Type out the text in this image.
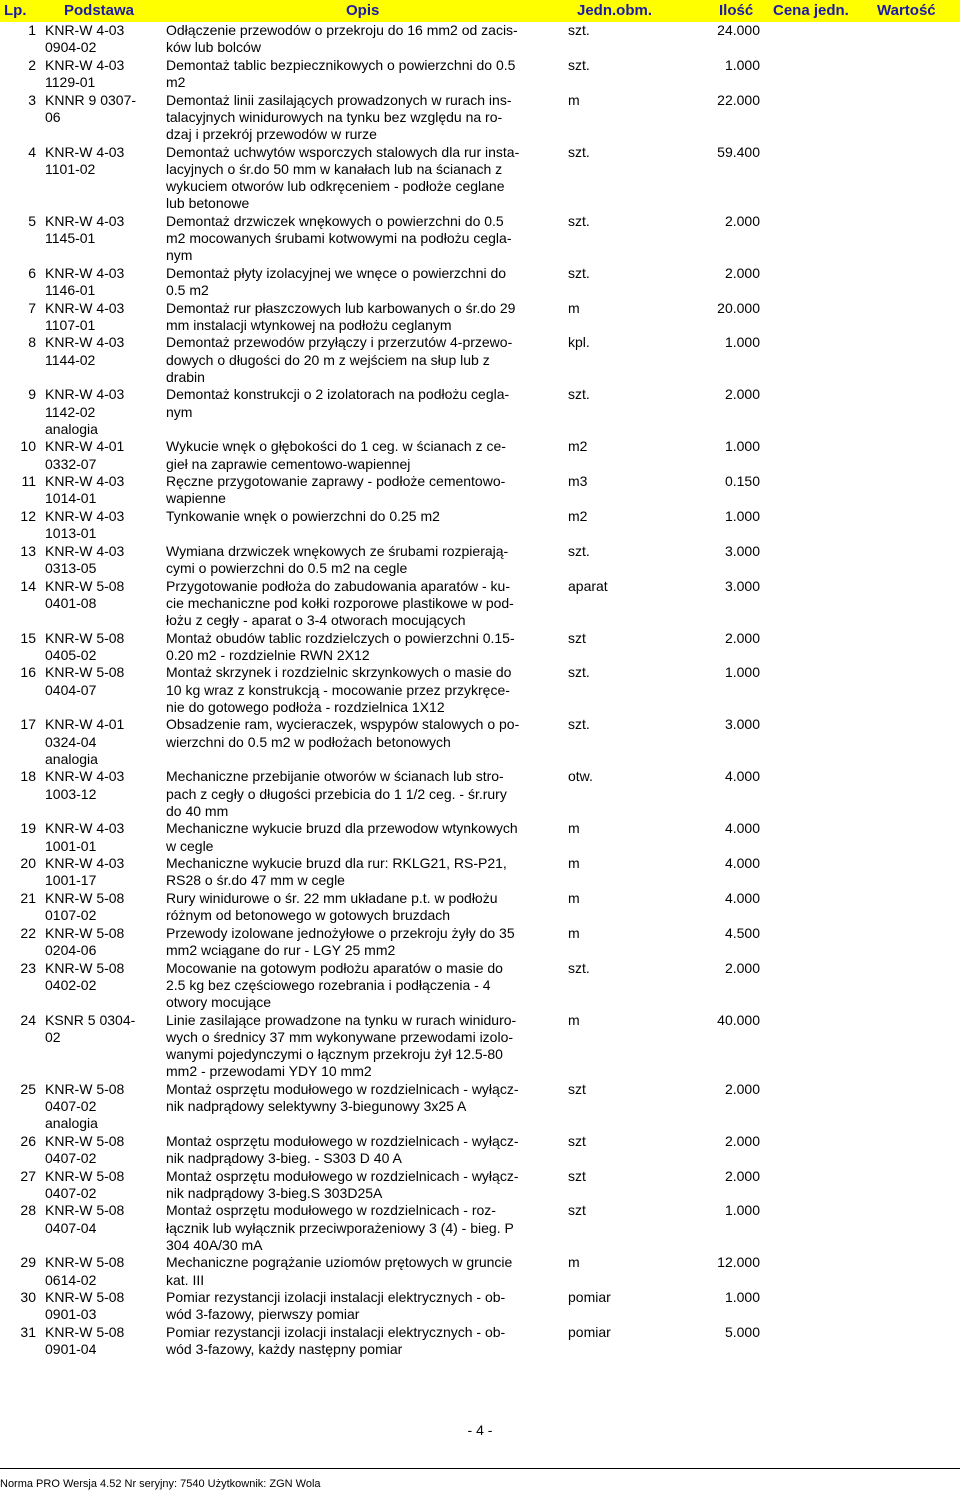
Lp.	Podstawa	Opis	Jedn.obm.	Ilość Cena jedn. Wartość
1 KNR-W 4-03
0904-02
Odłączenie przewodów o przekroju do 16 mm2 od zacis-
ków lub bolców
szt.	24.000
2 KNR-W 4-03
1129-01
Demontaż tablic bezpiecznikowych o powierzchni do 0.5
m2
szt.	1.000
3 KNNR 9 0307-
06
Demontaż linii zasilających prowadzonych w rurach ins-
talacyjnych winidurowych na tynku bez względu na ro-
dzaj i przekrój przewodów w rurze
m	22.000
4 KNR-W 4-03
1101-02
Demontaż uchwytów wsporczych stalowych dla rur insta-
lacyjnych o śr.do 50 mm w kanałach lub na ścianach z
wykuciem otworów lub odkręceniem - podłoże ceglane
lub betonowe
szt.	59.400
5 KNR-W 4-03
1145-01
Demontaż drzwiczek wnękowych o powierzchni do 0.5
m2 mocowanych śrubami kotwowymi na podłożu cegla-
nym
szt.	2.000
6 KNR-W 4-03
1146-01
Demontaż płyty izolacyjnej we wnęce o powierzchni do
0.5 m2
szt.	2.000
7 KNR-W 4-03
1107-01
Demontaż rur płaszczowych lub karbowanych o śr.do 29
mm instalacji wtynkowej na podłożu ceglanym
m	20.000
8 KNR-W 4-03
1144-02
Demontaż przewodów przyłączy i przerzutów 4-przewo-
dowych o długości do 20 m z wejściem na słup lub z
drabin
kpl.	1.000
9 KNR-W 4-03
1142-02
analogia
Demontaż konstrukcji o 2 izolatorach na podłożu cegla-
nym
szt.	2.000
10 KNR-W 4-01
0332-07
Wykucie wnęk o głębokości do 1 ceg. w ścianach z ce-
gieł na zaprawie cementowo-wapiennej
m2	1.000
11 KNR-W 4-03
1014-01
Ręczne przygotowanie zaprawy - podłoże cementowo-
wapienne
m3	0.150
12 KNR-W 4-03
1013-01
Tynkowanie wnęk o powierzchni do 0.25 m2	m2	1.000
13 KNR-W 4-03
0313-05
Wymiana drzwiczek wnękowych ze śrubami rozpierają-
cymi o powierzchni do 0.5 m2 na cegle
szt.	3.000
14 KNR-W 5-08
0401-08
Przygotowanie podłoża do zabudowania aparatów - ku-
cie mechaniczne pod kołki rozporowe plastikowe w pod-
łożu z cegły - aparat o 3-4 otworach mocujących
aparat	3.000
15 KNR-W 5-08
0405-02
Montaż obudów tablic rozdzielczych o powierzchni 0.15-
0.20 m2 - rozdzielnie RWN 2X12
szt	2.000
16 KNR-W 5-08
0404-07
Montaż skrzynek i rozdzielnic skrzynkowych o masie do
10 kg wraz z konstrukcją - mocowanie przez przykręce-
nie do gotowego podłoża - rozdzielnica 1X12
szt.	1.000
17 KNR-W 4-01
0324-04
analogia
Obsadzenie ram, wycieraczek, wspypów stalowych o po-
wierzchni do 0.5 m2 w podłożach betonowych
szt.	3.000
18 KNR-W 4-03
1003-12
Mechaniczne przebijanie otworów w ścianach lub stro-
pach z cegły o długości przebicia do 1 1/2 ceg. - śr.rury
do 40 mm
otw.	4.000
19 KNR-W 4-03
1001-01
Mechaniczne wykucie bruzd dla przewodow wtynkowych
w cegle
m	4.000
20 KNR-W 4-03
1001-17
Mechaniczne wykucie bruzd dla rur: RKLG21, RS-P21,
RS28 o śr.do 47 mm w cegle
m	4.000
21 KNR-W 5-08
0107-02
Rury winidurowe o śr. 22 mm układane p.t. w podłożu
różnym od betonowego w gotowych bruzdach
m	4.000
22 KNR-W 5-08
0204-06
Przewody izolowane jednożyłowe o przekroju żyły do 35
mm2 wciągane do rur - LGY 25 mm2
m	4.500
23 KNR-W 5-08
0402-02
Mocowanie na gotowym podłożu aparatów o masie do
2.5 kg bez częściowego rozebrania i podłączenia - 4
otwory mocujące
szt.	2.000
24 KSNR 5 0304-
02
Linie zasilające prowadzone na tynku w rurach winiduro-
wych o średnicy 37 mm wykonywane przewodami izolo-
wanymi pojedynczymi o łącznym przekroju żył 12.5-80
mm2 - przewodami YDY 10 mm2
m	40.000
25 KNR-W 5-08
0407-02
analogia
Montaż osprzętu modułowego w rozdzielnicach - wyłącz-
nik nadprądowy selektywny 3-biegunowy 3x25 A
szt	2.000
26 KNR-W 5-08
0407-02
Montaż osprzętu modułowego w rozdzielnicach - wyłącz-
nik nadprądowy 3-bieg. - S303 D 40 A
szt	2.000
27 KNR-W 5-08
0407-02
Montaż osprzętu modułowego w rozdzielnicach - wyłącz-
nik nadprądowy 3-bieg.S 303D25A
szt	2.000
28 KNR-W 5-08
0407-04
Montaż osprzętu modułowego w rozdzielnicach - roz-
łącznik lub wyłącznik przeciwporażeniowy 3 (4) - bieg. P
304 40A/30 mA
szt	1.000
29 KNR-W 5-08
0614-02
Mechaniczne pogrążanie uziomów prętowych w gruncie
kat. III
m	12.000
30 KNR-W 5-08
0901-03
Pomiar rezystancji izolacji instalacji elektrycznych - ob-
wód 3-fazowy, pierwszy pomiar
pomiar	1.000
31 KNR-W 5-08
0901-04
Pomiar rezystancji izolacji instalacji elektrycznych - ob-
wód 3-fazowy, każdy następny pomiar
pomiar	5.000
- 4 -
Norma PRO Wersja 4.52 Nr seryjny: 7540 Użytkownik: ZGN Wola
